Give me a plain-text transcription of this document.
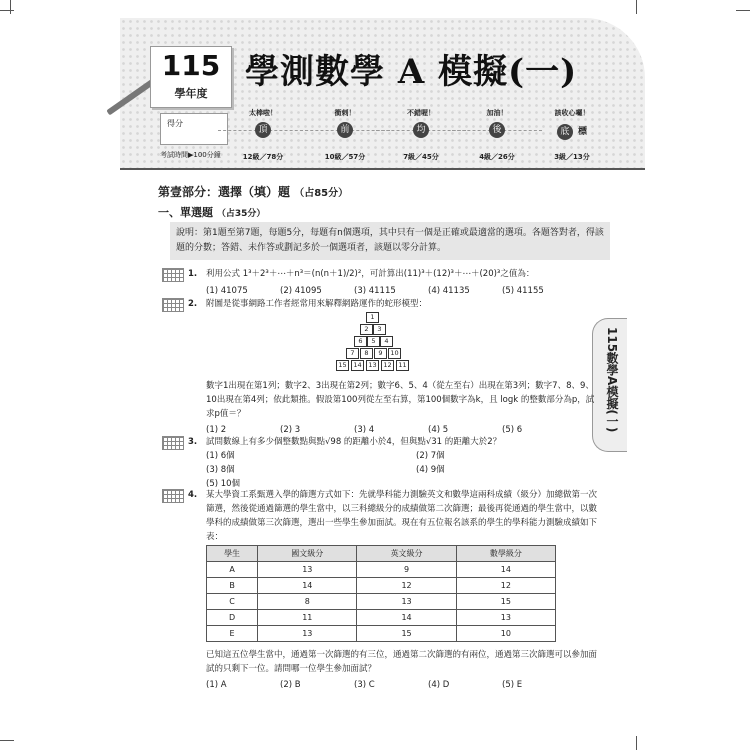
115
學年度
學測數學 A 模擬(一)
得分
考試時間▶100分鐘
太棒啦！
頂
12級／78分
衝刺！
前
10級／57分
不錯喔！
均
7級／45分
加油！
後
4級／26分
該收心囉！
底 標
3級／13分
115數學A模擬(一)
第壹部分：選擇（填）題 （占85分）
一、單選題 （占35分）
說明：第1題至第7題，每題5分，每題有n個選項，其中只有一個是正確或最適當的選項。各題答對者，得該題的分數；答錯、未作答或劃記多於一個選項者，該題以零分計算。
1. 利用公式 1³＋2³＋⋯＋n³＝(n(n＋1)/2)²，可計算出(11)³＋(12)³＋⋯＋(20)³之值為：
(1) 41075	(2) 41095	(3) 41115	(4) 41135	(5) 41155
2. 附圖是從事網路工作者經常用來解釋網路運作的蛇形模型：
1
2	3
6	5	4
7	8	9	10
15	14	13	12	11
數字1出現在第1列；數字2、3出現在第2列；數字6、5、4（從左至右）出現在第3列；數字7、8、9、10出現在第4列；依此類推。假設第100列從左至右算，第100個數字為k，且 logk 的整數部分為p，試求p值＝？
(1) 2	(2) 3	(3) 4	(4) 5	(5) 6
3. 試問數線上有多少個整數點與點√98 的距離小於4，但與點√31 的距離大於2？
(1) 6個	(2) 7個
(3) 8個	(4) 9個
(5) 10個
4. 某大學資工系甄選入學的篩選方式如下：先就學科能力測驗英文和數學這兩科成績（級分）加總做第一次篩選，然後從通過篩選的學生當中，以三科總級分的成績做第二次篩選；最後再從通過的學生當中，以數學科的成績做第三次篩選，選出一些學生參加面試。現在有五位報名該系的學生的學科能力測驗成績如下表：
學生	國文級分	英文級分	數學級分
A	13	9	14
B	14	12	12
C	8	13	15
D	11	14	13
E	13	15	10
已知這五位學生當中，通過第一次篩選的有三位，通過第二次篩選的有兩位，通過第三次篩選可以參加面試的只剩下一位。請問哪一位學生參加面試？
(1) A	(2) B	(3) C	(4) D	(5) E
